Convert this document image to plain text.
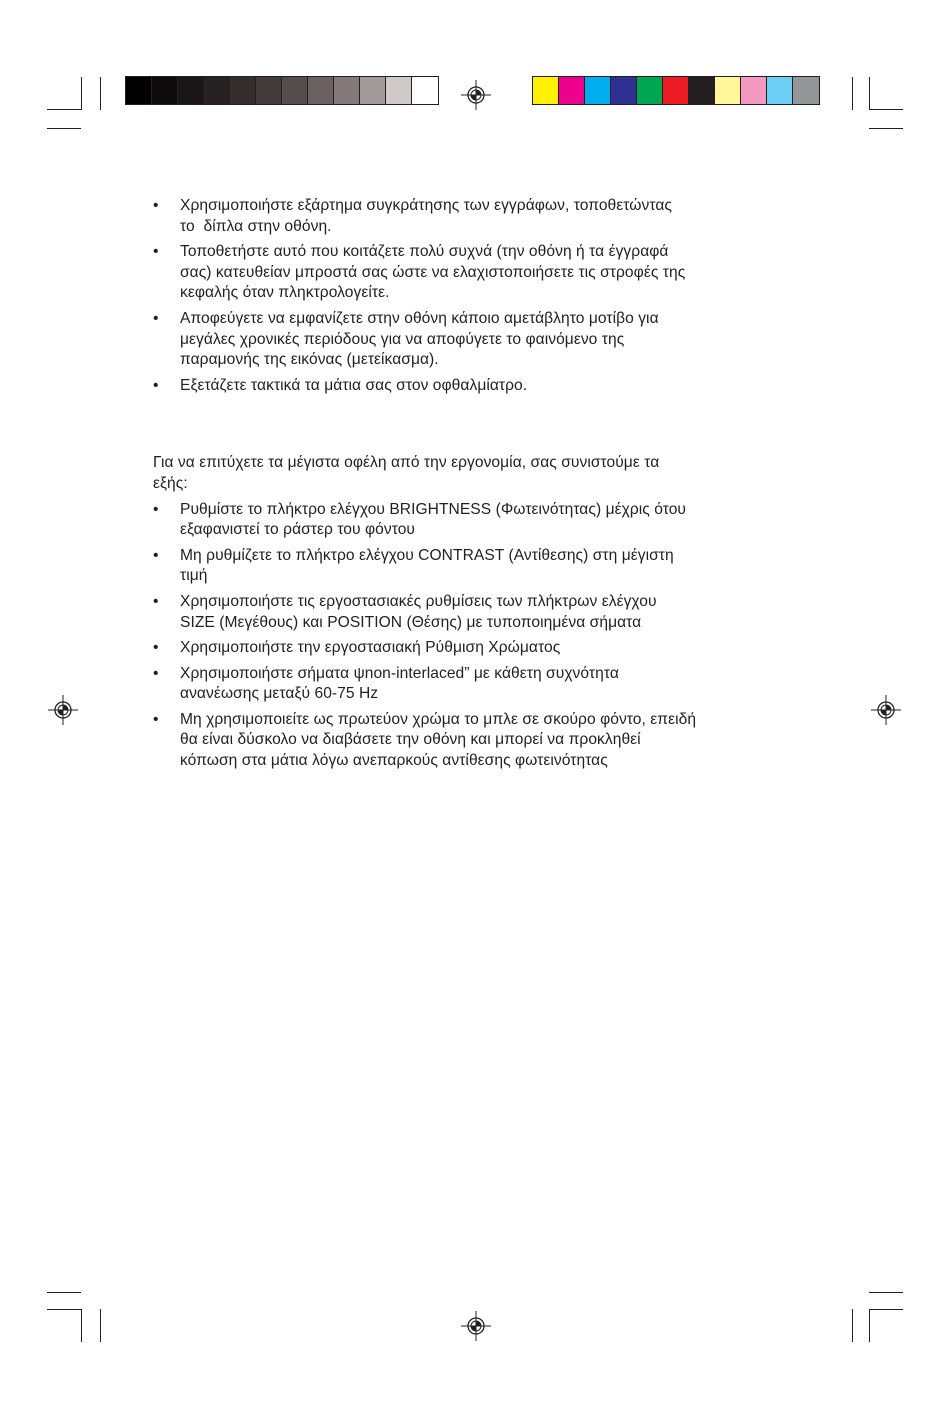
• Χρησιμοποιήστε εξάρτημα συγκράτησης των εγγράφων, τοποθετώντας
το  δίπλα στην οθόνη.
• Τοποθετήστε αυτό που κοιτάζετε πολύ συχνά (την οθόνη ή τα έγγραφά
σας) κατευθείαν μπροστά σας ώστε να ελαχιστοποιήσετε τις στροφές της
κεφαλής όταν πληκτρολογείτε.
• Αποφεύγετε να εμφανίζετε στην οθόνη κάποιο αμετάβλητο μοτίβο για
μεγάλες χρονικές περιόδους για να αποφύγετε το φαινόμενο της
παραμονής της εικόνας (μετείκασμα).
• Εξετάζετε τακτικά τα μάτια σας στον οφθαλμίατρο.

Για να επιτύχετε τα μέγιστα οφέλη από την εργονομία, σας συνιστούμε τα
εξής:

• Ρυθμίστε το πλήκτρο ελέγχου BRIGHTNESS (Φωτεινότητας) μέχρις ότου
εξαφανιστεί το ράστερ του φόντου
• Μη ρυθμίζετε το πλήκτρο ελέγχου CONTRAST (Αντίθεσης) στη μέγιστη
τιμή
• Χρησιμοποιήστε τις εργοστασιακές ρυθμίσεις των πλήκτρων ελέγχου
SIZE (Μεγέθους) και POSITION (Θέσης) με τυποποιημένα σήματα
• Χρησιμοποιήστε την εργοστασιακή Ρύθμιση Χρώματος
• Χρησιμοποιήστε σήματα ψnon-interlaced” με κάθετη συχνότητα
ανανέωσης μεταξύ 60-75 Hz
• Μη χρησιμοποιείτε ως πρωτεύον χρώμα το μπλε σε σκούρο φόντο, επειδή
θα είναι δύσκολο να διαβάσετε την οθόνη και μπορεί να προκληθεί
κόπωση στα μάτια λόγω ανεπαρκούς αντίθεσης φωτεινότητας
